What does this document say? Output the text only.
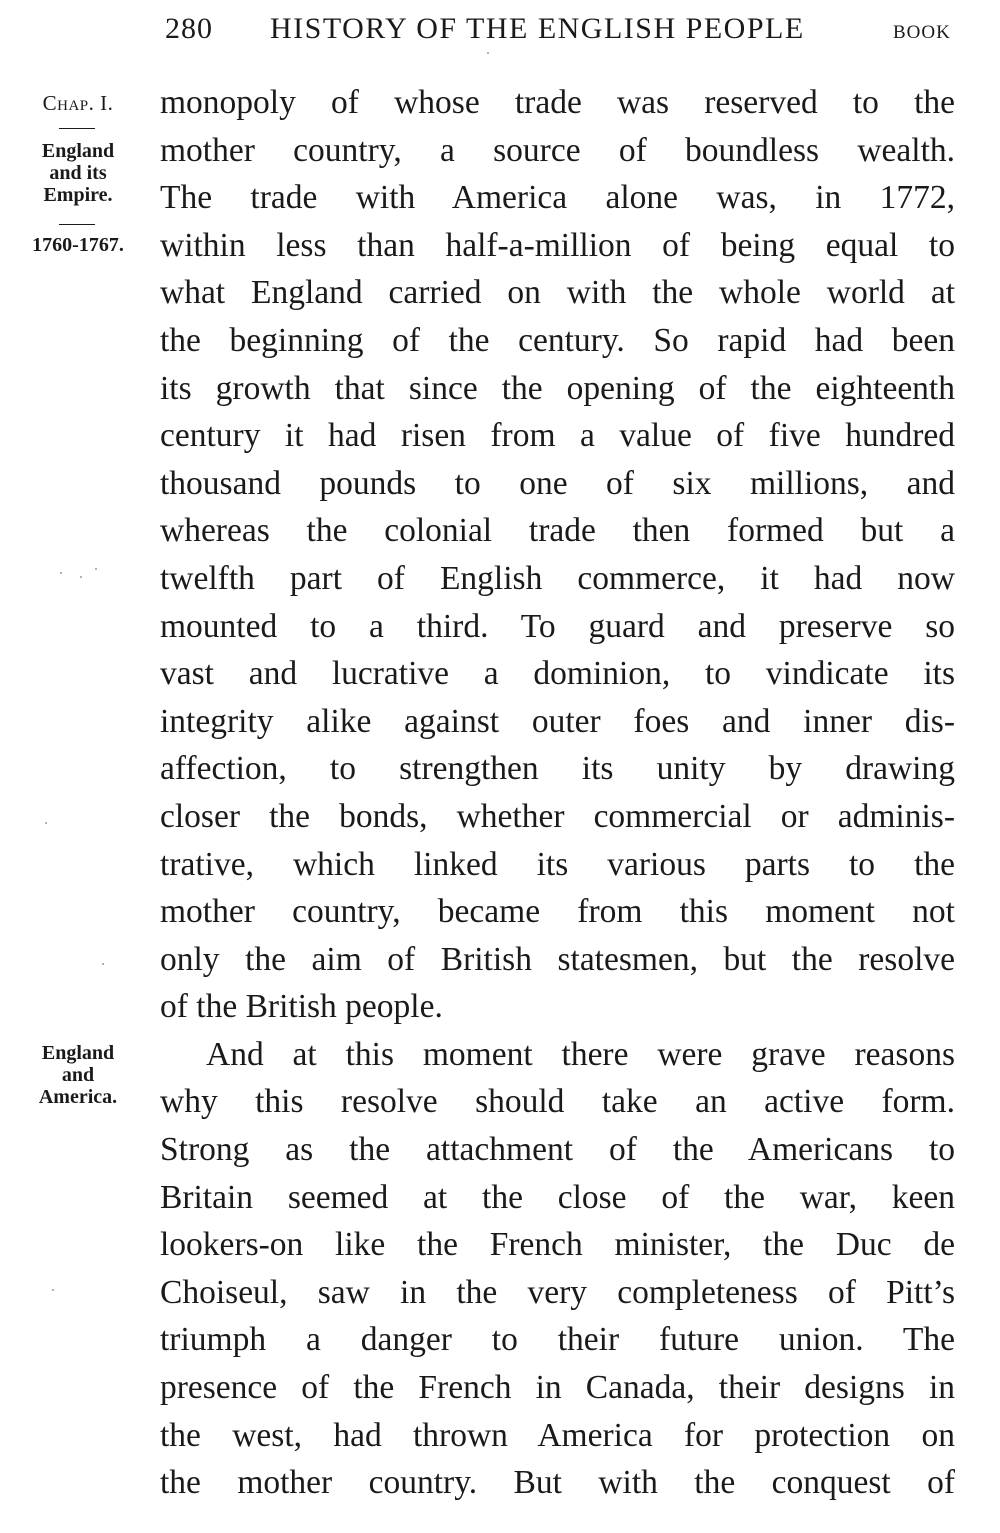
280 HISTORY OF THE ENGLISH PEOPLE	BOOK
Chap. I.
England
and its
Empire.
1760-1767.
England
and
America.

monopoly of whose trade was reserved to the
mother country, a source of boundless wealth.
The trade with America alone was, in 1772,
within less than half-a-million of being equal to
what England carried on with the whole world at
the beginning of the century. So rapid had been
its growth that since the opening of the eighteenth
century it had risen from a value of five hundred
thousand pounds to one of six millions, and
whereas the colonial trade then formed but a
twelfth part of English commerce, it had now
mounted to a third. To guard and preserve so
vast and lucrative a dominion, to vindicate its
integrity alike against outer foes and inner dis-
affection, to strengthen its unity by drawing
closer the bonds, whether commercial or adminis-
trative, which linked its various parts to the
mother country, became from this moment not
only the aim of British statesmen, but the resolve
of the British people.

And at this moment there were grave reasons
why this resolve should take an active form.
Strong as the attachment of the Americans to
Britain seemed at the close of the war, keen
lookers-on like the French minister, the Duc de
Choiseul, saw in the very completeness of Pitt’s
triumph a danger to their future union. The
presence of the French in Canada, their designs in
the west, had thrown America for protection on
the mother country. But with the conquest of
